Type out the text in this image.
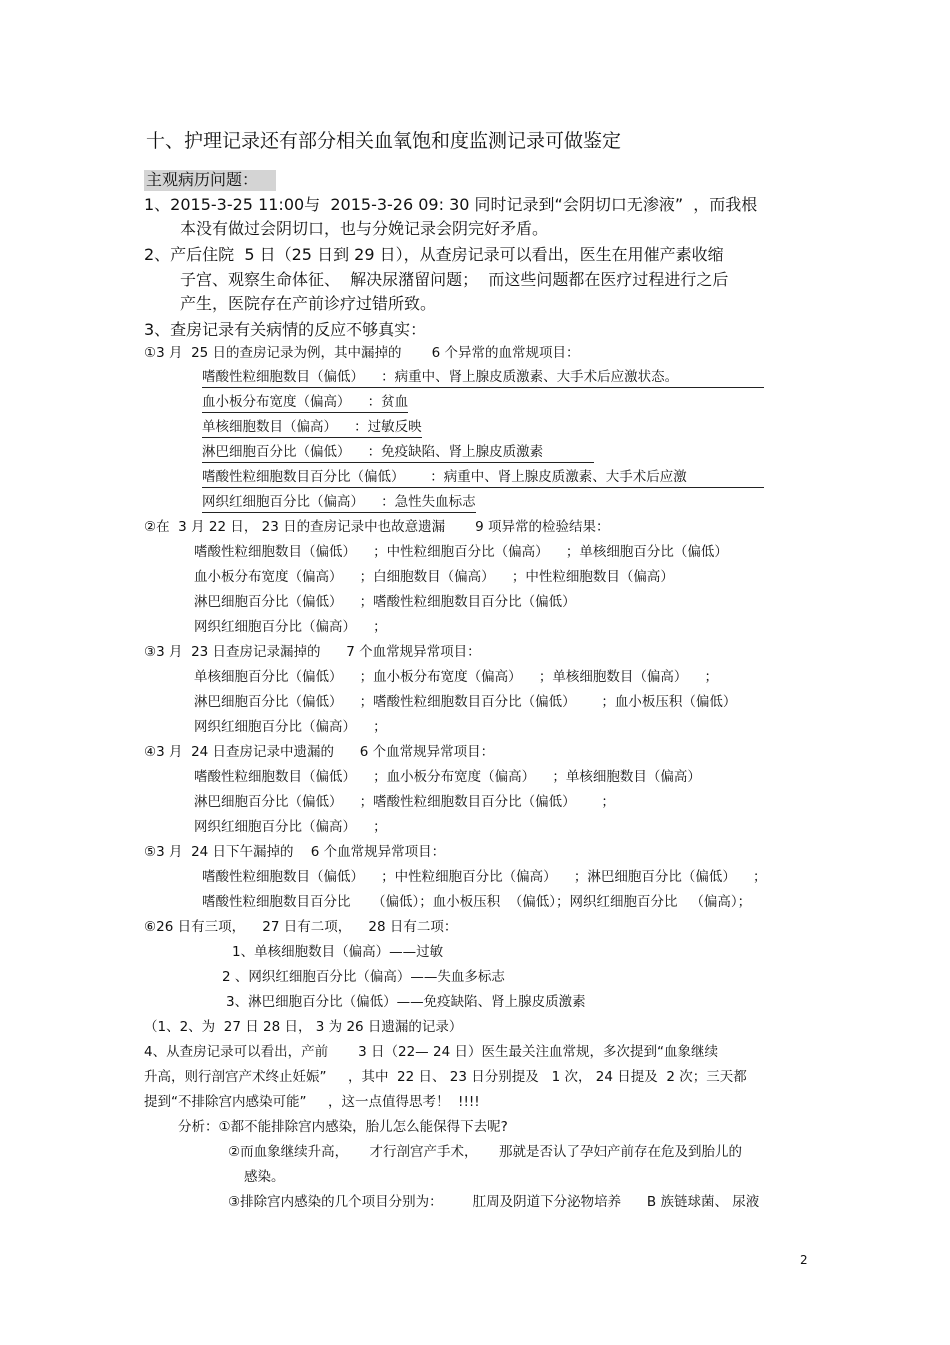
十、护理记录还有部分相关血氧饱和度监测记录可做鉴定
主观病历问题：
1、2015-3-25 11:00与  2015-3-26 09: 30 同时记录到“会阴切口无渗液”  ，而我根
本没有做过会阴切口，也与分娩记录会阴完好矛盾。
2、产后住院  5 日（25 日到 29 日），从查房记录可以看出，医生在用催产素收缩
子宫、观察生命体征、  解决尿潴留问题；  而这些问题都在医疗过程进行之后
产生，医院存在产前诊疗过错所致。
3、查房记录有关病情的反应不够真实：
①3 月  25 日的查房记录为例，其中漏掉的       6 个异常的血常规项目：
嗜酸性粒细胞数目（偏低）    ：病重中、肾上腺皮质激素、大手术后应激状态。
血小板分布宽度（偏高）    ：贫血
单核细胞数目（偏高）    ：过敏反映
淋巴细胞百分比（偏低）    ：免疫缺陷、肾上腺皮质激素
嗜酸性粒细胞数目百分比（偏低）      ：病重中、肾上腺皮质激素、大手术后应激
网织红细胞百分比（偏高）    ：急性失血标志
②在  3 月 22 日， 23 日的查房记录中也故意遗漏       9 项异常的检验结果：
嗜酸性粒细胞数目（偏低）    ；中性粒细胞百分比（偏高）    ；单核细胞百分比（偏低）
血小板分布宽度（偏高）    ；白细胞数目（偏高）    ；中性粒细胞数目（偏高）
淋巴细胞百分比（偏低）    ；嗜酸性粒细胞数目百分比（偏低）
网织红细胞百分比（偏高）    ；
③3 月  23 日查房记录漏掉的      7 个血常规异常项目：
单核细胞百分比（偏低）    ；血小板分布宽度（偏高）    ；单核细胞数目（偏高）    ；
淋巴细胞百分比（偏低）    ；嗜酸性粒细胞数目百分比（偏低）      ；血小板压积（偏低）
网织红细胞百分比（偏高）    ；
④3 月  24 日查房记录中遗漏的      6 个血常规异常项目：
嗜酸性粒细胞数目（偏低）    ；血小板分布宽度（偏高）    ；单核细胞数目（偏高）
淋巴细胞百分比（偏低）    ；嗜酸性粒细胞数目百分比（偏低）      ；
网织红细胞百分比（偏高）    ；
⑤3 月  24 日下午漏掉的    6 个血常规异常项目：
嗜酸性粒细胞数目（偏低）    ；中性粒细胞百分比（偏高）    ；淋巴细胞百分比（偏低）    ；
嗜酸性粒细胞数目百分比     （偏低）；血小板压积  （偏低）；网织红细胞百分比   （偏高）；
⑥26 日有三项，    27 日有二项，    28 日有二项：
1、单核细胞数目（偏高）——过敏
2 、网织红细胞百分比（偏高）——失血多标志
3、淋巴细胞百分比（偏低）——免疫缺陷、肾上腺皮质激素
（1、2、为  27 日 28 日， 3 为 26 日遗漏的记录）
4、从查房记录可以看出，产前       3 日（22— 24 日）医生最关注血常规，多次提到“血象继续
升高，则行剖宫产术终止妊娠”     ，其中  22 日、 23 日分别提及   1 次， 24 日提及  2 次；三天都
提到“不排除宫内感染可能”     ，这一点值得思考！  !!!!
分析：①都不能排除宫内感染，胎儿怎么能保得下去呢?
②而血象继续升高，     才行剖宫产手术，     那就是否认了孕妇产前存在危及到胎儿的
感染。
③排除宫内感染的几个项目分别为：       肛周及阴道下分泌物培养      B 族链球菌、 尿液
2
